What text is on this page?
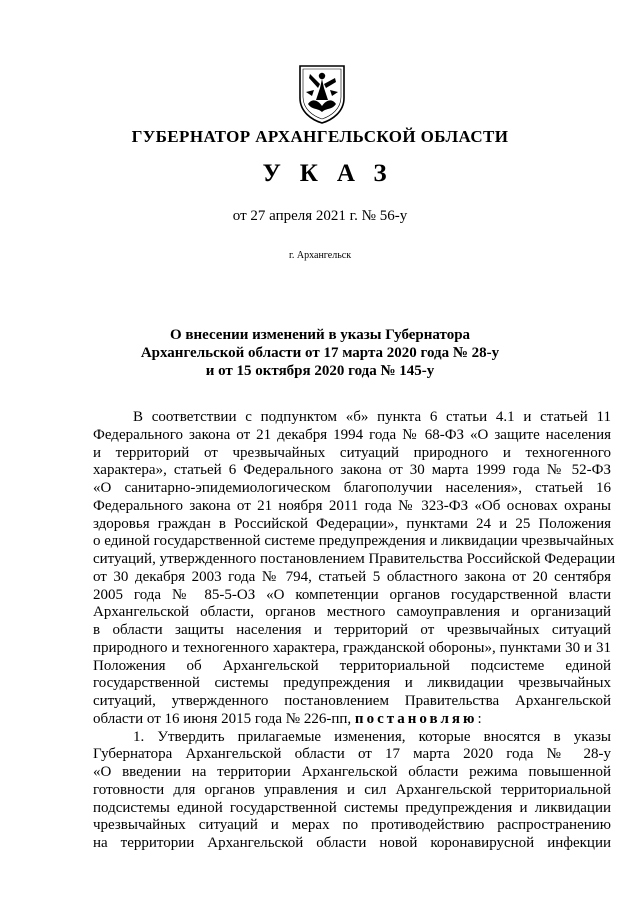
ГУБЕРНАТОР АРХАНГЕЛЬСКОЙ ОБЛАСТИ
УКАЗ
от 27 апреля 2021 г. № 56-у
г. Архангельск
О внесении изменений в указы Губернатора
Архангельской области от 17 марта 2020 года № 28-у
и от 15 октября 2020 года № 145-у
В соответствии с подпунктом «б» пункта 6 статьи 4.1 и статьей 11
Федерального закона от 21 декабря 1994 года № 68-ФЗ «О защите населения
и территорий от чрезвычайных ситуаций природного и техногенного
характера», статьей 6 Федерального закона от 30 марта 1999 года № 52-ФЗ
«О санитарно-эпидемиологическом благополучии населения», статьей 16
Федерального закона от 21 ноября 2011 года № 323-ФЗ «Об основах охраны
здоровья граждан в Российской Федерации», пунктами 24 и 25 Положения
о единой государственной системе предупреждения и ликвидации чрезвычайных
ситуаций, утвержденного постановлением Правительства Российской Федерации
от 30 декабря 2003 года № 794, статьей 5 областного закона от 20 сентября
2005 года № 85-5-ОЗ «О компетенции органов государственной власти
Архангельской области, органов местного самоуправления и организаций
в области защиты населения и территорий от чрезвычайных ситуаций
природного и техногенного характера, гражданской обороны», пунктами 30 и 31
Положения об Архангельской территориальной подсистеме единой
государственной системы предупреждения и ликвидации чрезвычайных
ситуаций, утвержденного постановлением Правительства Архангельской
области от 16 июня 2015 года № 226-пп, постановляю:
1. Утвердить прилагаемые изменения, которые вносятся в указы
Губернатора Архангельской области от 17 марта 2020 года № 28-у
«О введении на территории Архангельской области режима повышенной
готовности для органов управления и сил Архангельской территориальной
подсистемы единой государственной системы предупреждения и ликвидации
чрезвычайных ситуаций и мерах по противодействию распространению
на территории Архангельской области новой коронавирусной инфекции
